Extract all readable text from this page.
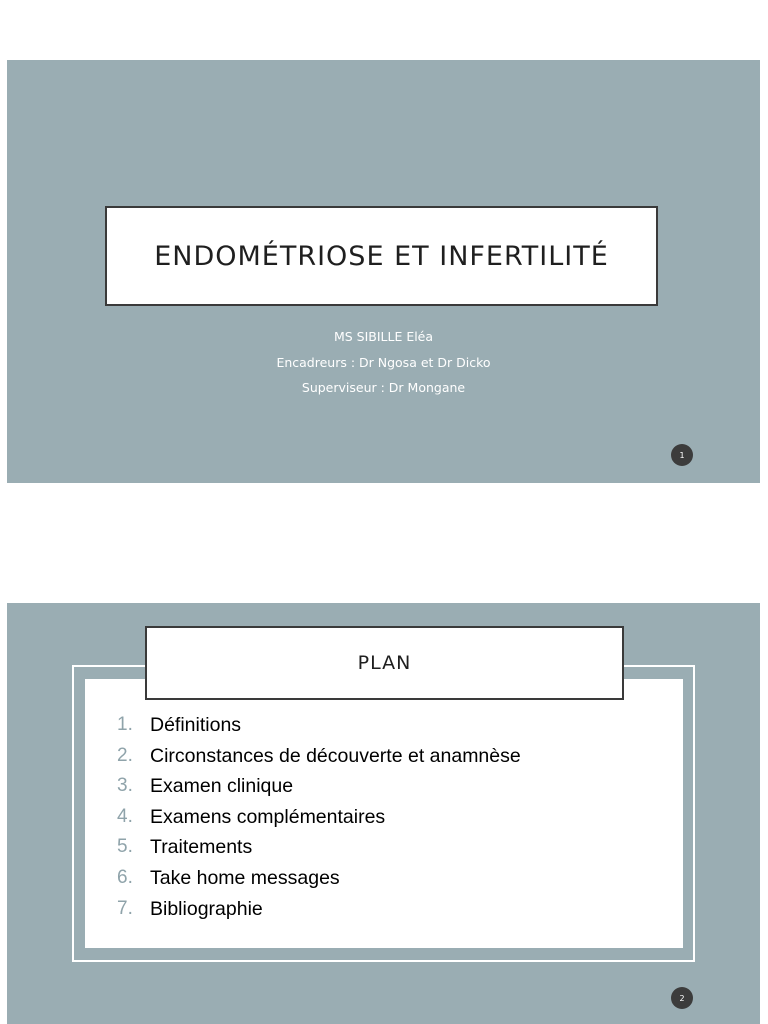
ENDOMÉTRIOSE ET INFERTILITÉ
MS SIBILLE Eléa
Encadreurs : Dr Ngosa et Dr Dicko
Superviseur : Dr Mongane
1
PLAN
1. Définitions
2. Circonstances de découverte et anamnèse
3. Examen clinique
4. Examens complémentaires
5. Traitements
6. Take home messages
7. Bibliographie
2
